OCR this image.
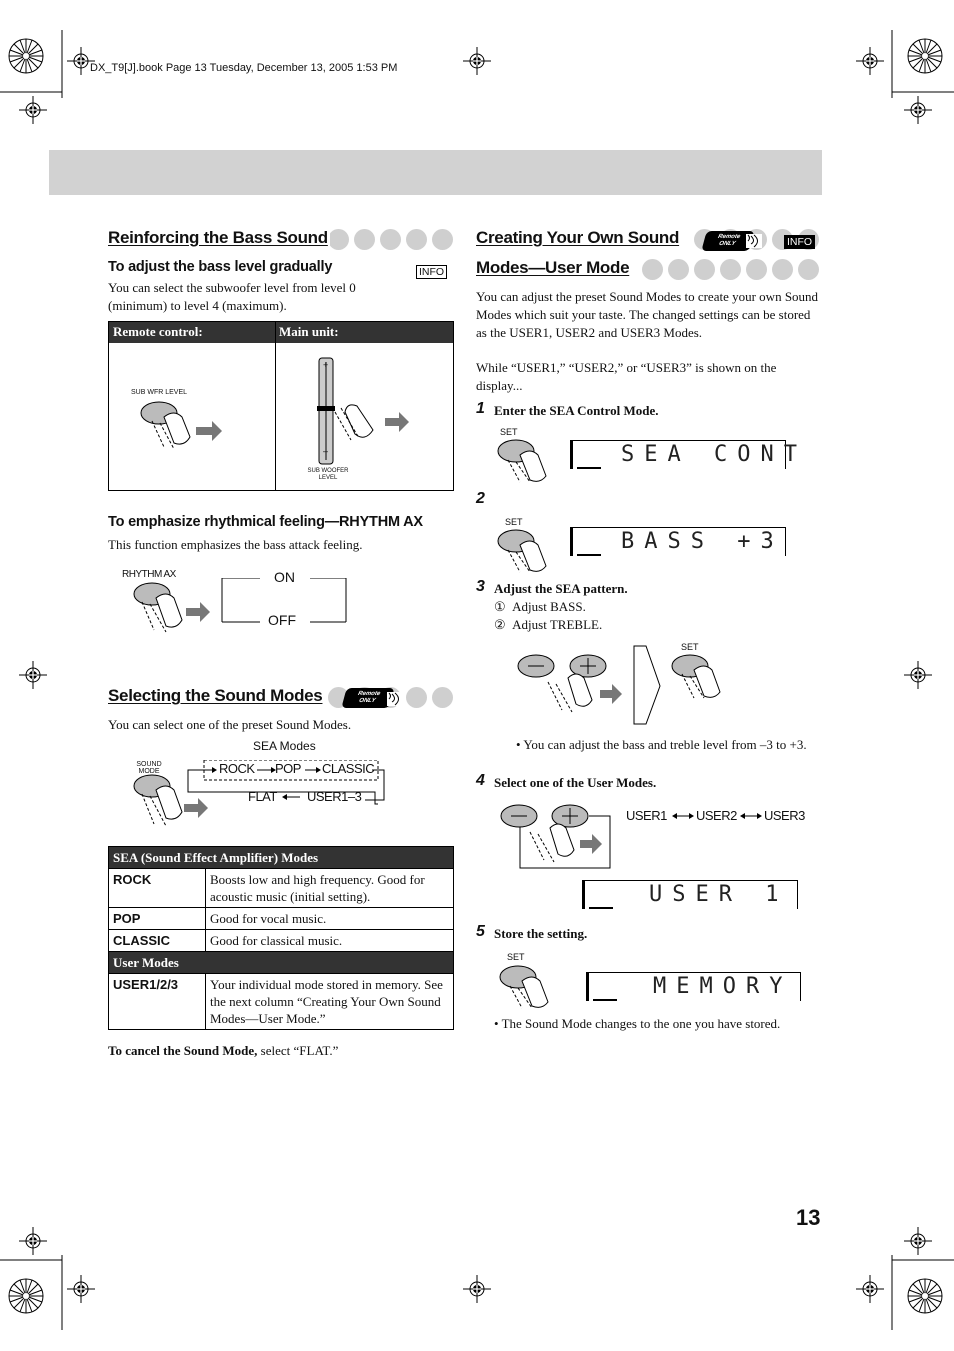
DX_T9[J].book Page 13 Tuesday, December 13, 2005 1:53 PM
13
Reinforcing the Bass Sound
To adjust the bass level gradually	INFO
You can select the subwoofer level from level 0 (minimum) to level 4 (maximum).
Remote control:	Main unit:
SUB WFR LEVEL
+
–
SUB WOOFER LEVEL
To emphasize rhythmical feeling—RHYTHM AX
This function emphasizes the bass attack feeling.
RHYTHM AX	ON
OFF
Selecting the Sound Modes	Remote
ONLY
You can select one of the preset Sound Modes.
SEA Modes
SOUND MODE	ROCK POP CLASSIC
FLAT USER1–3
SEA (Sound Effect Amplifier) Modes	
ROCK	Boosts low and high frequency. Good for acoustic music (initial setting).
POP	Good for vocal music.
CLASSIC	Good for classical music.
User Modes	
USER1/2/3	Your individual mode stored in memory. See the next column “Creating Your Own Sound Modes—User Mode.”
To cancel the Sound Mode, select “FLAT.”
Creating Your Own Sound
Modes—User Mode
Remote
ONLY	INFO
You can adjust the preset Sound Modes to create your own Sound Modes which suit your taste. The changed settings can be stored as the USER1, USER2 and USER3 Modes.
While “USER1,” “USER2,” or “USER3” is shown on the display...
1 Enter the SEA Control Mode.
SET
SEA CONT
2
SET
BASS +3
3 Adjust the SEA pattern.
① Adjust BASS.
② Adjust TREBLE.
SET
• You can adjust the bass and treble level from –3 to +3.
4 Select one of the User Modes.
USER1 USER2 USER3
USER 1
5 Store the setting.
SET
MEMORY
• The Sound Mode changes to the one you have stored.
